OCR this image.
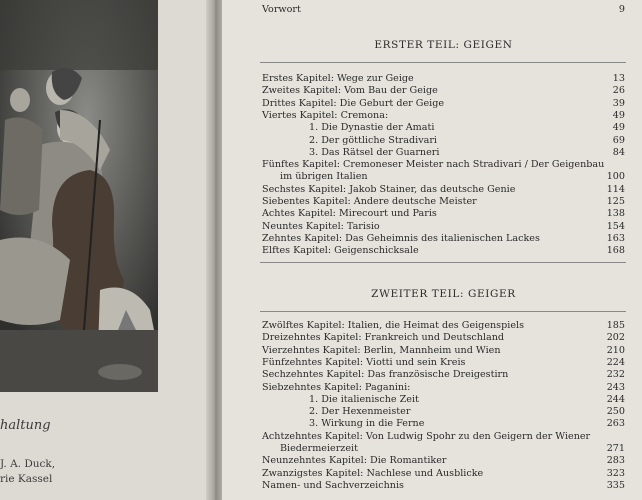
haltung
J. A. Duck,
rie Kassel
Vorwort	9
ERSTER TEIL: GEIGEN
Erstes Kapitel: Wege zur Geige	13
Zweites Kapitel: Vom Bau der Geige	26
Drittes Kapitel: Die Geburt der Geige	39
Viertes Kapitel: Cremona:	49
1. Die Dynastie der Amati	49
2. Der göttliche Stradivari	69
3. Das Rätsel der Guarneri	84
Fünftes Kapitel: Cremoneser Meister nach Stradivari / Der Geigenbau
im übrigen Italien	100
Sechstes Kapitel: Jakob Stainer, das deutsche Genie	114
Siebentes Kapitel: Andere deutsche Meister	125
Achtes Kapitel: Mirecourt und Paris	138
Neuntes Kapitel: Tarisio	154
Zehntes Kapitel: Das Geheimnis des italienischen Lackes	163
Elftes Kapitel: Geigenschicksale	168
ZWEITER TEIL: GEIGER
Zwölftes Kapitel: Italien, die Heimat des Geigenspiels	185
Dreizehntes Kapitel: Frankreich und Deutschland	202
Vierzehntes Kapitel: Berlin, Mannheim und Wien	210
Fünfzehntes Kapitel: Viotti und sein Kreis	224
Sechzehntes Kapitel: Das französische Dreigestirn	232
Siebzehntes Kapitel: Paganini:	243
1. Die italienische Zeit	244
2. Der Hexenmeister	250
3. Wirkung in die Ferne	263
Achtzehntes Kapitel: Von Ludwig Spohr zu den Geigern der Wiener
Biedermeierzeit	271
Neunzehntes Kapitel: Die Romantiker	283
Zwanzigstes Kapitel: Nachlese und Ausblicke	323
Namen- und Sachverzeichnis	335
